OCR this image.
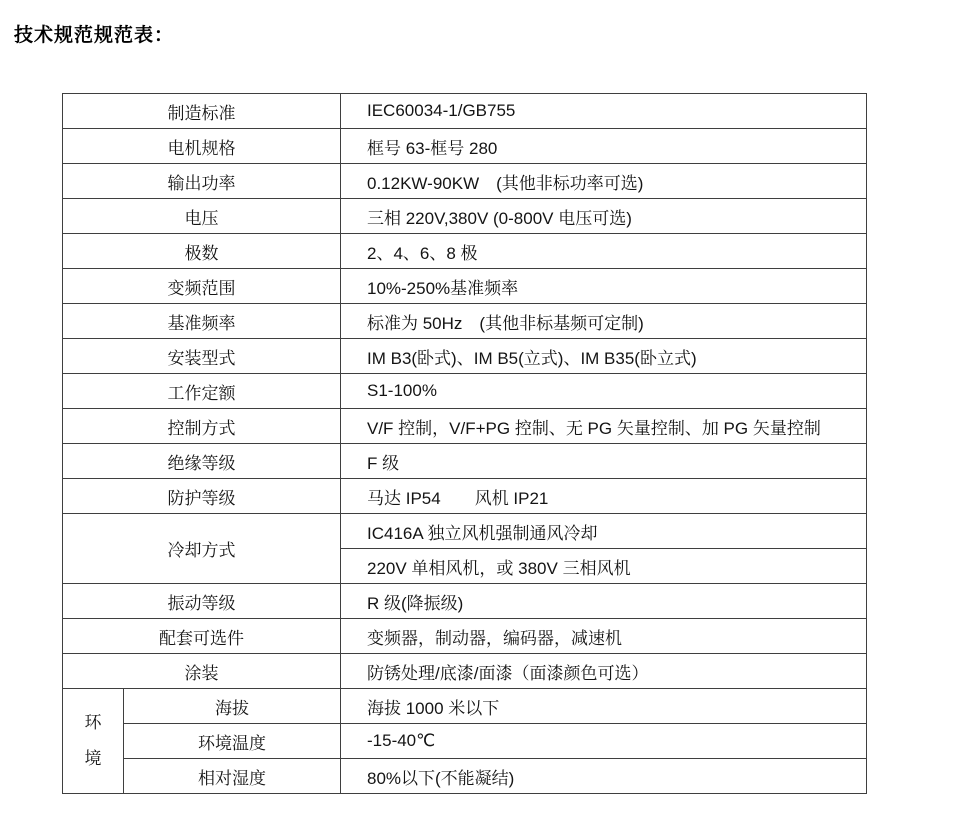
技术规范规范表：
制造标准		IEC60034-1/GB755
电机规格		框号 63-框号 280
输出功率		0.12KW-90KW　(其他非标功率可选)
电压		三相 220V,380V (0-800V 电压可选)
极数		2、4、6、8 极
变频范围		10%-250%基准频率
基准频率		标准为 50Hz　(其他非标基频可定制)
安装型式		IM B3(卧式)、IM B5(立式)、IM B35(卧立式)
工作定额		S1-100%
控制方式		V/F 控制，V/F+PG 控制、无 PG 矢量控制、加 PG 矢量控制
绝缘等级		F 级
防护等级		马达 IP54　　风机 IP21
冷却方式		IC416A 独立风机强制通风冷却
		220V 单相风机，或 380V 三相风机
振动等级		R 级(降振级)
配套可选件		变频器，制动器，编码器，减速机
涂装		防锈处理/底漆/面漆（面漆颜色可选）

环境	海拔	海拔 1000 米以下
	环境温度	-15-40℃
	相对湿度	80%以下(不能凝结)
